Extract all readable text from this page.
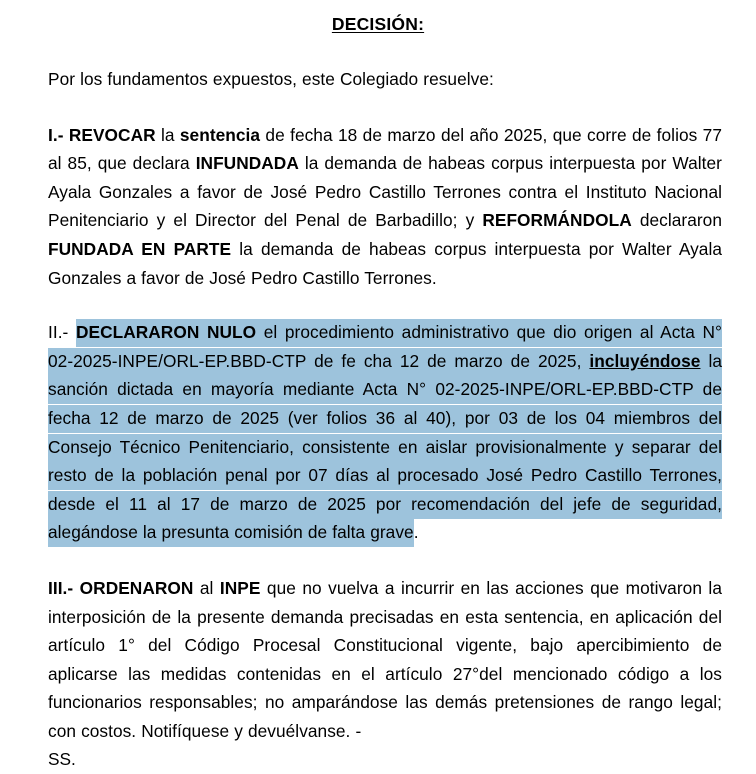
DECISIÓN:

Por los fundamentos expuestos, este Colegiado resuelve:

I.- REVOCAR la sentencia de fecha 18 de marzo del año 2025, que corre de folios 77 al 85, que declara INFUNDADA la demanda de habeas corpus interpuesta por Walter Ayala Gonzales a favor de José Pedro Castillo Terrones contra el Instituto Nacional Penitenciario y el Director del Penal de Barbadillo; y REFORMÁNDOLA declararon FUNDADA EN PARTE la demanda de habeas corpus interpuesta por Walter Ayala Gonzales a favor de José Pedro Castillo Terrones.

II.- DECLARARON NULO el procedimiento administrativo que dio origen al Acta N° 02-2025-INPE/ORL-EP.BBD-CTP de fe cha 12 de marzo de 2025, incluyéndose la sanción dictada en mayoría mediante Acta N° 02-2025-INPE/ORL-EP.BBD-CTP de fecha 12 de marzo de 2025 (ver folios 36 al 40), por 03 de los 04 miembros del Consejo Técnico Penitenciario, consistente en aislar provisionalmente y separar del resto de la población penal por 07 días al procesado José Pedro Castillo Terrones, desde el 11 al 17 de marzo de 2025 por recomendación del jefe de seguridad, alegándose la presunta comisión de falta grave.

III.- ORDENARON al INPE que no vuelva a incurrir en las acciones que motivaron la interposición de la presente demanda precisadas en esta sentencia, en aplicación del artículo 1° del Código Procesal Constitucional vigente, bajo apercibimiento de aplicarse las medidas contenidas en el artículo 27°del mencionado código a los funcionarios responsables; no amparándose las demás pretensiones de rango legal; con costos. Notifíquese y devuélvanse. -

SS.
